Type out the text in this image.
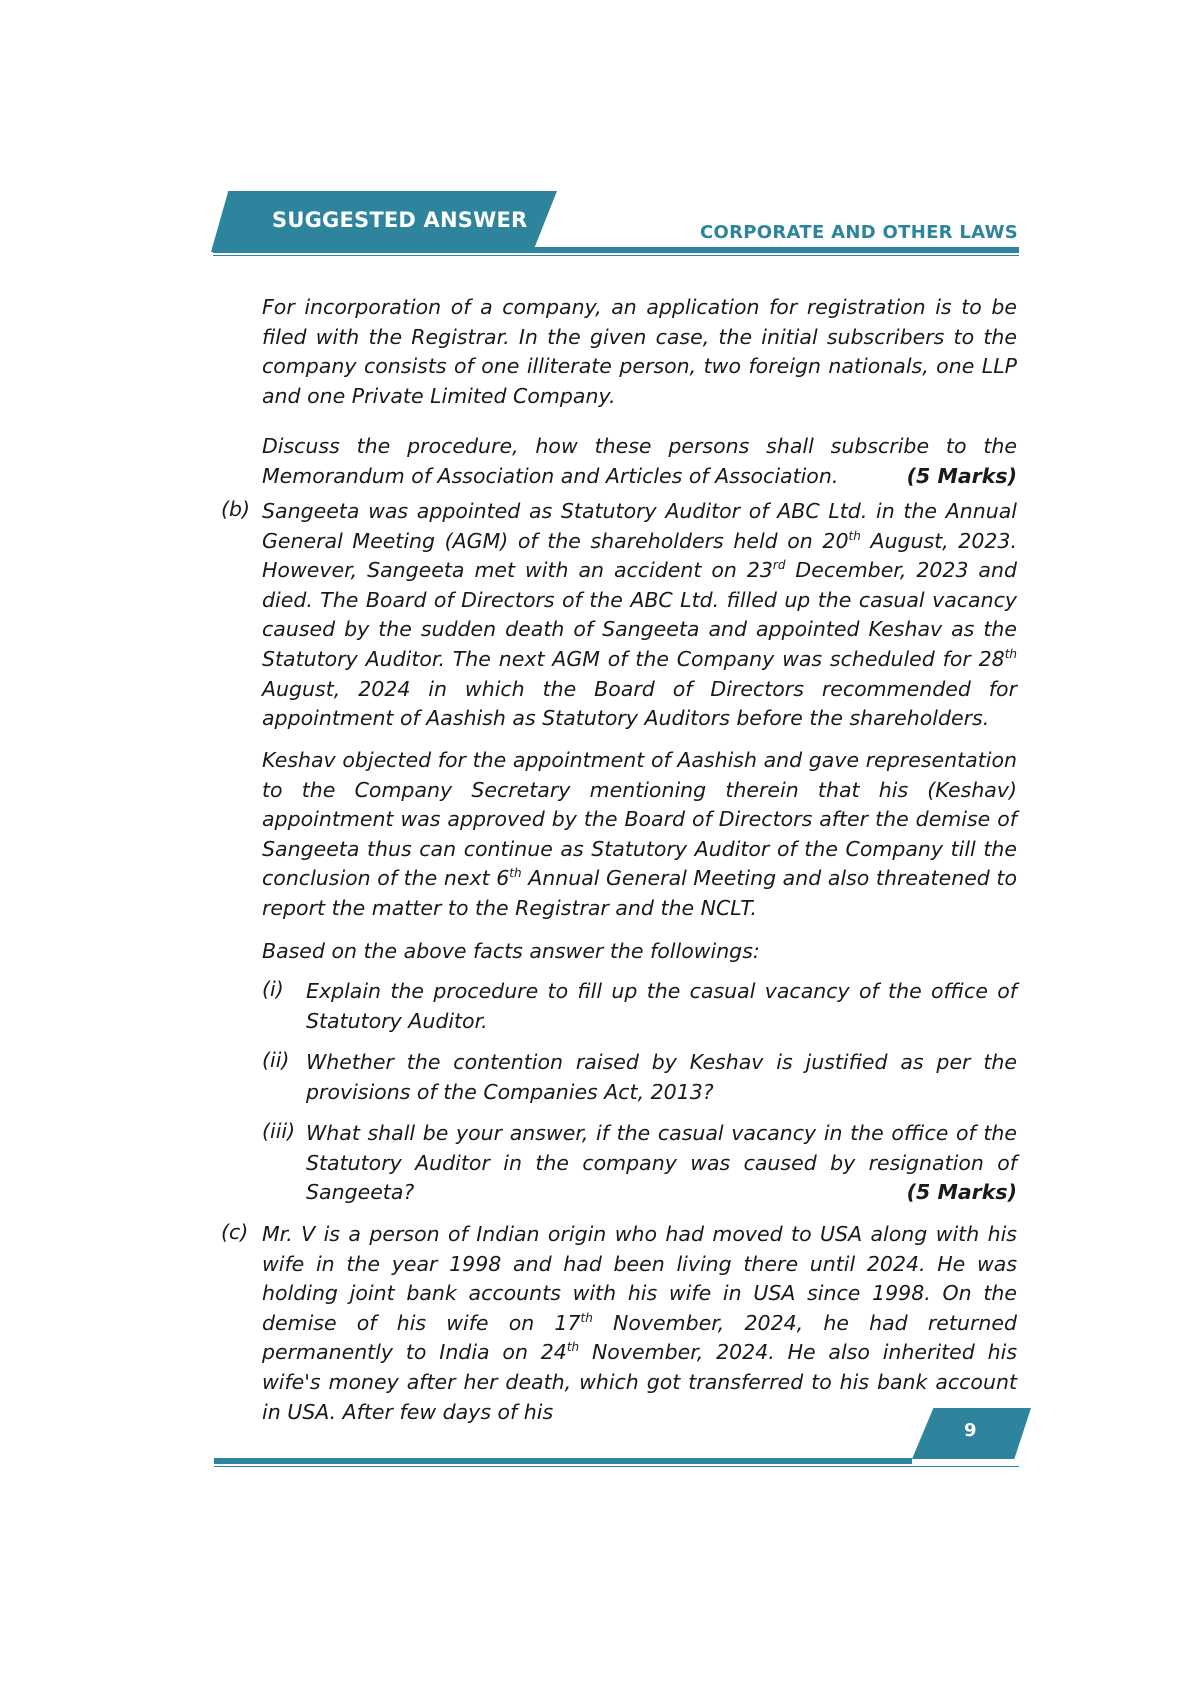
SUGGESTED ANSWER
CORPORATE AND OTHER LAWS
For incorporation of a company, an application for registration is to be filed with the Registrar. In the given case, the initial subscribers to the company consists of one illiterate person, two foreign nationals, one LLP and one Private Limited Company.
Discuss the procedure, how these persons shall subscribe to the Memorandum of Association and Articles of Association.	(5 Marks)
(b) Sangeeta was appointed as Statutory Auditor of ABC Ltd. in the Annual General Meeting (AGM) of the shareholders held on 20th August, 2023. However, Sangeeta met with an accident on 23rd December, 2023 and died. The Board of Directors of the ABC Ltd. filled up the casual vacancy caused by the sudden death of Sangeeta and appointed Keshav as the Statutory Auditor. The next AGM of the Company was scheduled for 28th August, 2024 in which the Board of Directors recommended for appointment of Aashish as Statutory Auditors before the shareholders.
Keshav objected for the appointment of Aashish and gave representation to the Company Secretary mentioning therein that his (Keshav) appointment was approved by the Board of Directors after the demise of Sangeeta thus can continue as Statutory Auditor of the Company till the conclusion of the next 6th Annual General Meeting and also threatened to report the matter to the Registrar and the NCLT.
Based on the above facts answer the followings:
(i) Explain the procedure to fill up the casual vacancy of the office of Statutory Auditor.
(ii) Whether the contention raised by Keshav is justified as per the provisions of the Companies Act, 2013?
(iii) What shall be your answer, if the casual vacancy in the office of the Statutory Auditor in the company was caused by resignation of Sangeeta?	(5 Marks)
(c) Mr. V is a person of Indian origin who had moved to USA along with his wife in the year 1998 and had been living there until 2024. He was holding joint bank accounts with his wife in USA since 1998. On the demise of his wife on 17th November, 2024, he had returned permanently to India on 24th November, 2024. He also inherited his wife's money after her death, which got transferred to his bank account in USA. After few days of his
9
